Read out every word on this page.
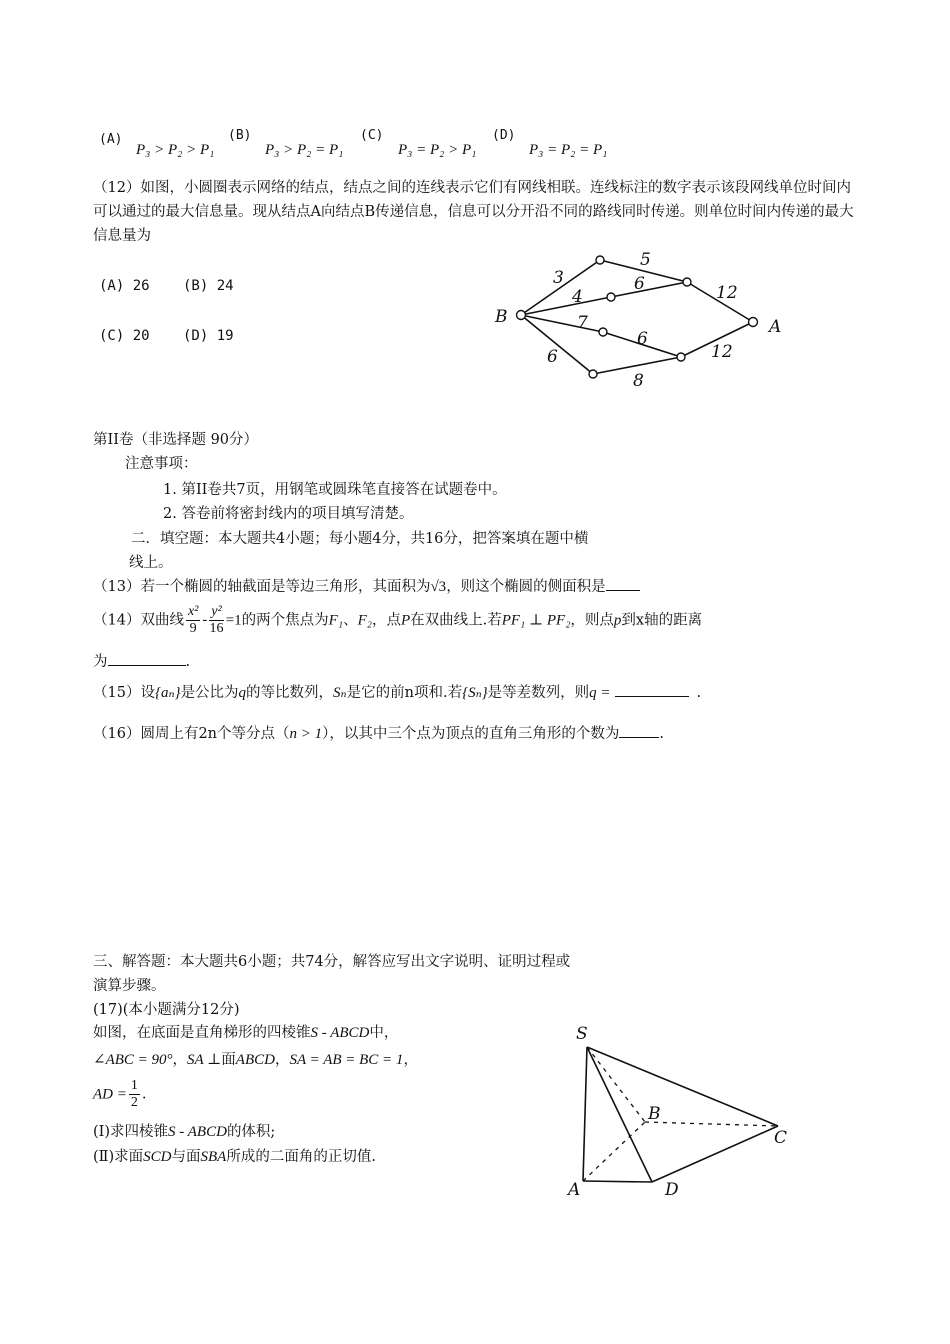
(A)
P₃ > P₂ > P₁
(B)
P₃ > P₂ = P₁
(C)
P₃ = P₂ > P₁
(D)
P₃ = P₂ = P₁
（12）如图，小圆圈表示网络的结点，结点之间的连线表示它们有网线相联。连线标注的数字表示该段网线单位时间内可以通过的最大信息量。现从结点A向结点B传递信息，信息可以分开沿不同的路线同时传递。则单位时间内传递的最大信息量为
(A) 26 (B) 24
(C) 20 (D) 19
B	A
3
5
4
6	12
7
6
12
6
8
第II卷（非选择题 90分）
注意事项：
1. 第II卷共7页，用钢笔或圆珠笔直接答在试题卷中。
2. 答卷前将密封线内的项目填写清楚。
二．填空题：本大题共4小题；每小题4分，共16分，把答案填在题中横
线上。
（13）若一个椭圆的轴截面是等边三角形，其面积为√3，则这个椭圆的侧面积是
（14）双曲线 $\frac{\text{x²}}{9} - \frac{\text{y²}}{16} =1$的两个焦点为F₁、F₂，点P在双曲线上.若PF₁ ⊥ PF₂，则点p到x轴的距离
为	.
（15）设{aₙ}是公比为q的等比数列，Sₙ是它的前n项和.若{Sₙ}是等差数列，则q =	.
（16）圆周上有2n个等分点（n > 1），以其中三个点为顶点的直角三角形的个数为	.
三、解答题：本大题共6小题；共74分，解答应写出文字说明、证明过程或
演算步骤。
(17)(本小题满分12分)
如图，在底面是直角梯形的四棱锥S - ABCD中，
∠ABC = 90°，SA ⊥面ABCD，SA = AB = BC = 1，
AD = $\frac{1}{2}$ .
(Ⅰ)求四棱锥S - ABCD的体积;
(Ⅱ)求面SCD与面SBA所成的二面角的正切值.
S
B
C
A	D
